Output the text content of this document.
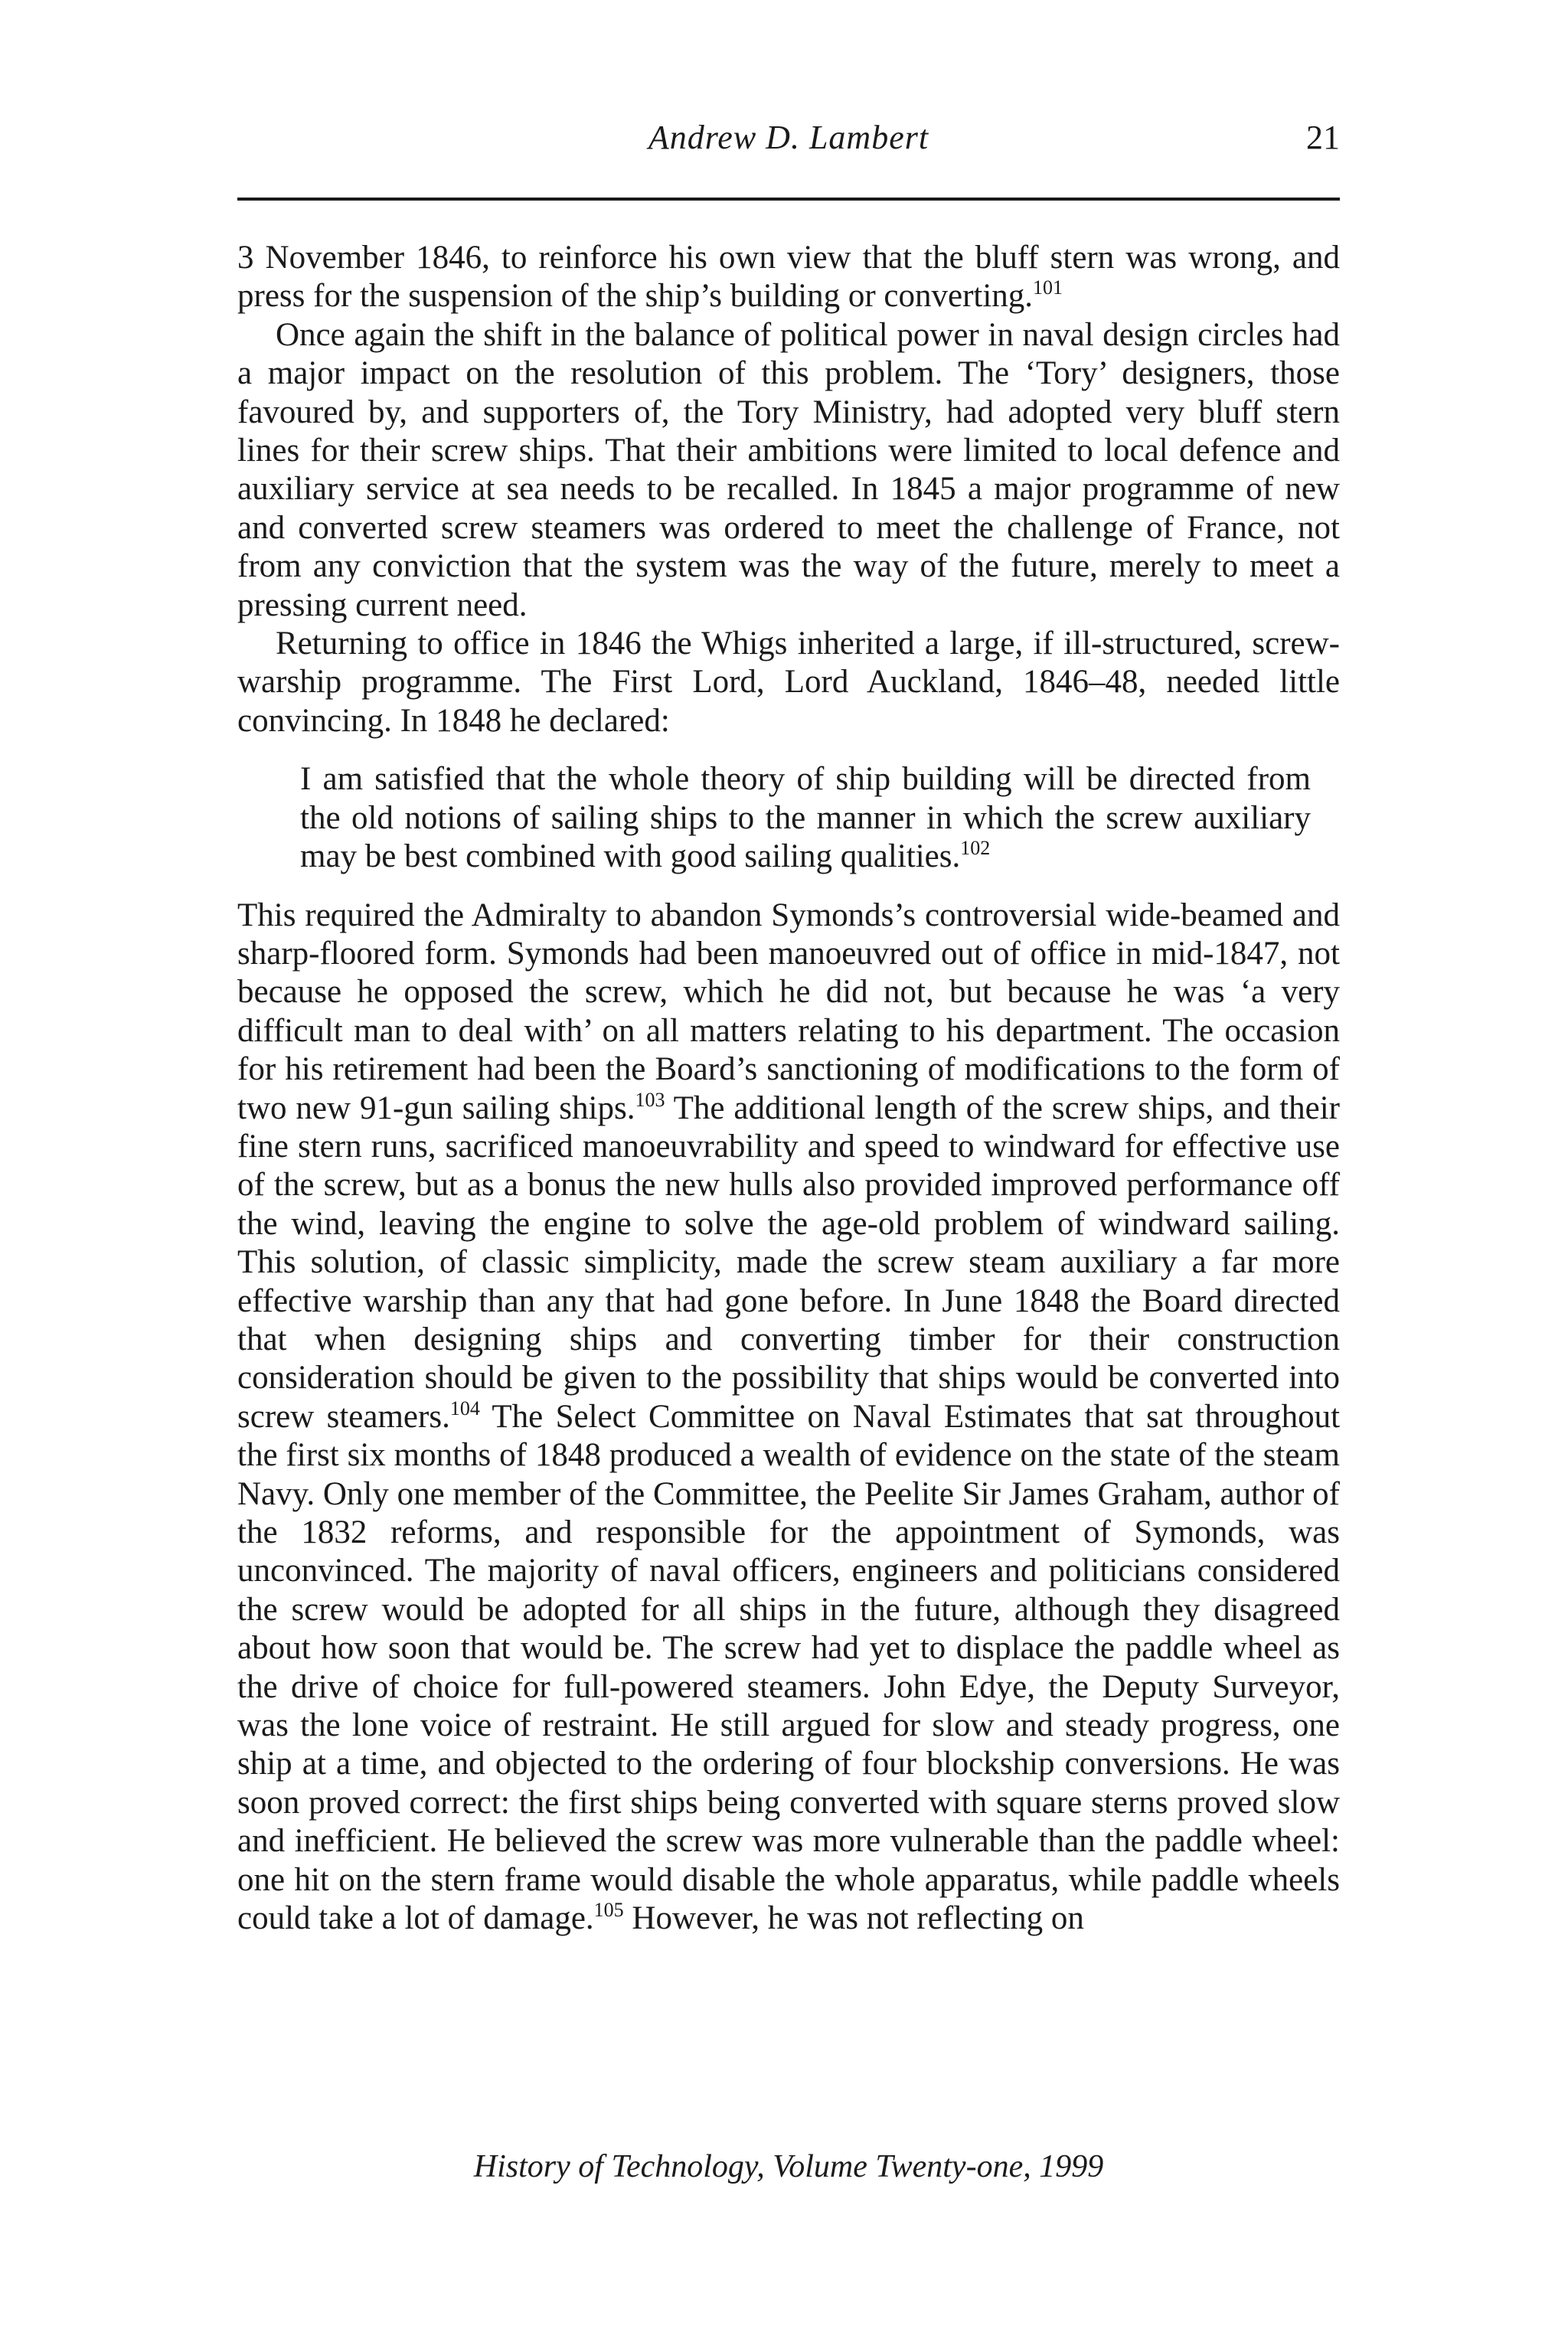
Andrew D. Lambert	21

3 November 1846, to reinforce his own view that the bluff stern was wrong, and press for the suspension of the ship’s building or converting.$^{101}$

Once again the shift in the balance of political power in naval design circles had a major impact on the resolution of this problem. The ‘Tory’ designers, those favoured by, and supporters of, the Tory Ministry, had adopted very bluff stern lines for their screw ships. That their ambitions were limited to local defence and auxiliary service at sea needs to be recalled. In 1845 a major programme of new and converted screw steamers was ordered to meet the challenge of France, not from any conviction that the system was the way of the future, merely to meet a pressing current need.

Returning to office in 1846 the Whigs inherited a large, if ill-structured, screw-warship programme. The First Lord, Lord Auckland, 1846–48, needed little convincing. In 1848 he declared:

I am satisfied that the whole theory of ship building will be directed from the old notions of sailing ships to the manner in which the screw auxiliary may be best combined with good sailing qualities.$^{102}$

This required the Admiralty to abandon Symonds’s controversial wide-beamed and sharp-floored form. Symonds had been manoeuvred out of office in mid-1847, not because he opposed the screw, which he did not, but because he was ‘a very difficult man to deal with’ on all matters relating to his department. The occasion for his retirement had been the Board’s sanctioning of modifications to the form of two new 91-gun sailing ships.$^{103}$ The additional length of the screw ships, and their fine stern runs, sacrificed manoeuvrability and speed to windward for effective use of the screw, but as a bonus the new hulls also provided improved performance off the wind, leaving the engine to solve the age-old problem of windward sailing. This solution, of classic simplicity, made the screw steam auxiliary a far more effective warship than any that had gone before. In June 1848 the Board directed that when designing ships and converting timber for their construction consideration should be given to the possibility that ships would be converted into screw steamers.$^{104}$ The Select Committee on Naval Estimates that sat throughout the first six months of 1848 produced a wealth of evidence on the state of the steam Navy. Only one member of the Committee, the Peelite Sir James Graham, author of the 1832 reforms, and responsible for the appointment of Symonds, was unconvinced. The majority of naval officers, engineers and politicians considered the screw would be adopted for all ships in the future, although they disagreed about how soon that would be. The screw had yet to displace the paddle wheel as the drive of choice for full-powered steamers. John Edye, the Deputy Surveyor, was the lone voice of restraint. He still argued for slow and steady progress, one ship at a time, and objected to the ordering of four blockship conversions. He was soon proved correct: the first ships being converted with square sterns proved slow and inefficient. He believed the screw was more vulnerable than the paddle wheel: one hit on the stern frame would disable the whole apparatus, while paddle wheels could take a lot of damage.$^{105}$ However, he was not reflecting on

History of Technology, Volume Twenty-one, 1999
